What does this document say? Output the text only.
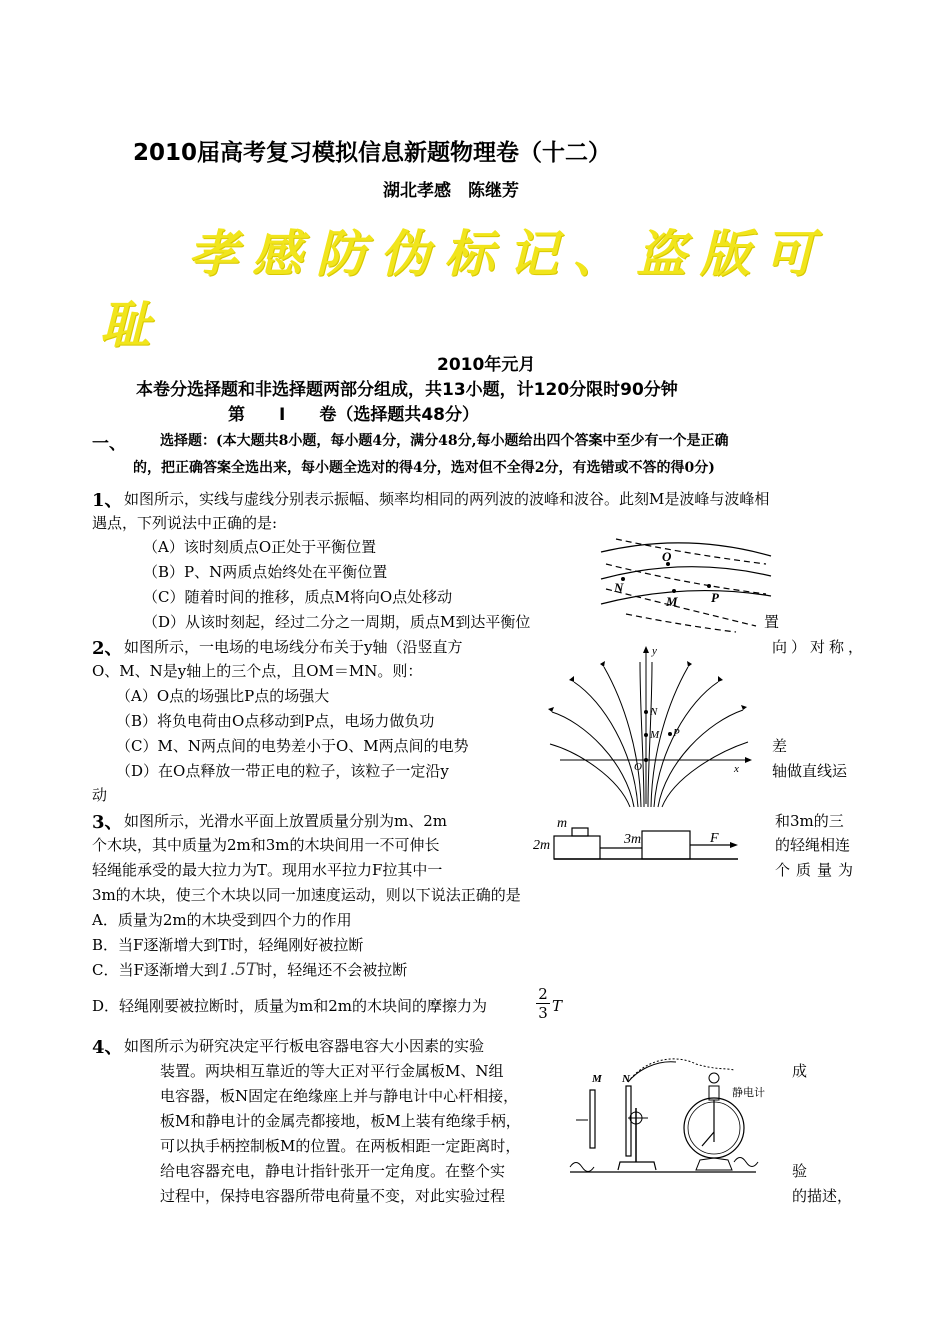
2010届高考复习模拟信息新题物理卷（十二）
湖北孝感　陈继芳
孝感防伪标记、盗版可
耻
2010年元月
本卷分选择题和非选择题两部分组成，共13小题，计120分限时90分钟
第　　I　　卷（选择题共48分）
一、 选择题：(本大题共8小题，每小题4分，满分48分,每小题给出四个答案中至少有一个是正确
的，把正确答案全选出来，每小题全选对的得4分，选对但不全得2分，有选错或不答的得0分)
1、 如图所示，实线与虚线分别表示振幅、频率均相同的两列波的波峰和波谷。此刻M是波峰与波峰相
遇点，下列说法中正确的是:
（A）该时刻质点O正处于平衡位置
（B）P、N两质点始终处在平衡位置
（C）随着时间的推移，质点M将向O点处移动
（D）从该时刻起，经过二分之一周期，质点M到达平衡位	置
O
N
M	P
2、 如图所示，一电场的电场线分布关于y轴（沿竖直方	向）对称，
O、M、N是y轴上的三个点，且OM＝MN。则：
（A）O点的场强比P点的场强大
（B）将负电荷由O点移动到P点，电场力做负功
（C）M、N两点间的电势差小于O、M两点间的电势	差
（D）在O点释放一带正电的粒子，该粒子一定沿y	轴做直线运
动
y
N
M P
O	x
3、 如图所示，光滑水平面上放置质量分别为m、2m	和3m的三
个木块，其中质量为2m和3m的木块间用一不可伸长	的轻绳相连
轻绳能承受的最大拉力为T。现用水平拉力F拉其中一	个质量为
3m的木块，使三个木块以同一加速度运动，则以下说法正确的是
A．质量为2m的木块受到四个力的作用
B．当F逐渐增大到T时，轻绳刚好被拉断
C．当F逐渐增大到1.5T时，轻绳还不会被拉断
D．轻绳刚要被拉断时，质量为m和2m的木块间的摩擦力为	$\frac{2}{3}$ T
m
2m	3m	F
4、 如图所示为研究决定平行板电容器电容大小因素的实验
装置。两块相互靠近的等大正对平行金属板M、N组	成
电容器，板N固定在绝缘座上并与静电计中心杆相接，
板M和静电计的金属壳都接地，板M上装有绝缘手柄，
可以执手柄控制板M的位置。在两板相距一定距离时，
给电容器充电，静电计指针张开一定角度。在整个实	验
过程中，保持电容器所带电荷量不变，对此实验过程	的描述，
M N
静电计
